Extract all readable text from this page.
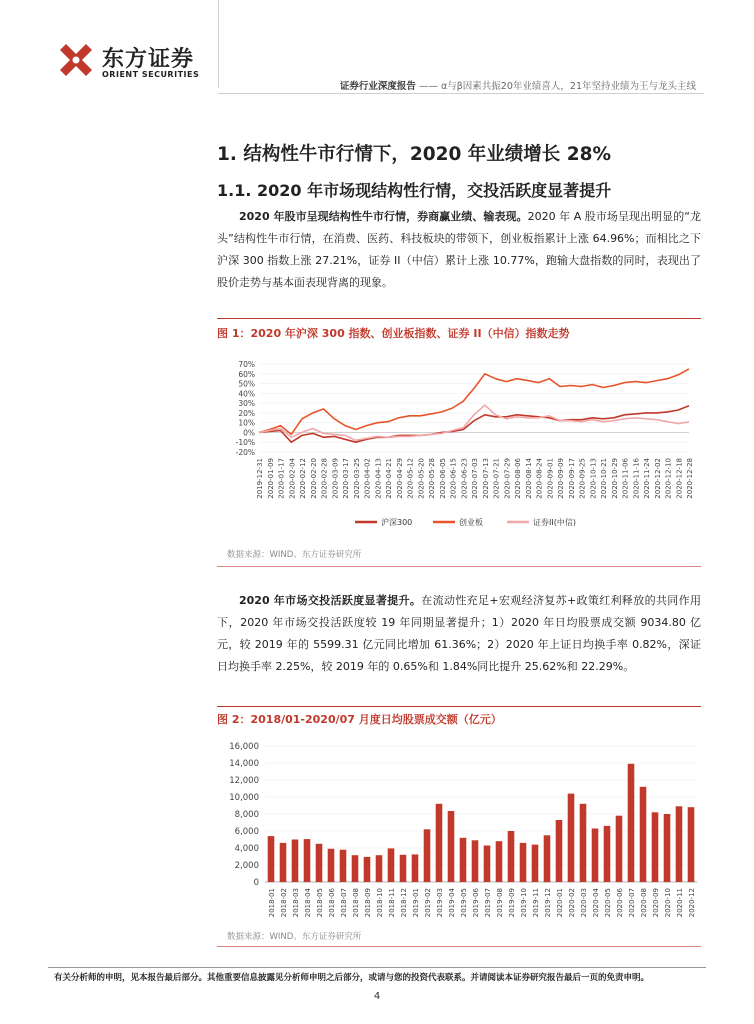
东方证券
ORIENT SECURITIES
证券行业深度报告 —— α与β因素共振20年业绩喜人，21年坚持业绩为王与龙头主线
1. 结构性牛市行情下，2020 年业绩增长 28%
1.1. 2020 年市场现结构性行情，交投活跃度显著提升
2020 年股市呈现结构性牛市行情，券商赢业绩、输表现。2020 年 A 股市场呈现出明显的“龙头”结构性牛市行情，在消费、医药、科技板块的带领下，创业板指累计上涨 64.96%；而相比之下沪深 300 指数上涨 27.21%，证券 II（中信）累计上涨 10.77%，跑输大盘指数的同时，表现出了股价走势与基本面表现背离的现象。
图 1：2020 年沪深 300 指数、创业板指数、证券 II（中信）指数走势
-20%
-10%
0%
10%
20%
30%
40%
50%
60%
70%
2019-12-31 2020-01-09 2020-01-17 2020-02-04 2020-02-12 2020-02-20 2020-02-28 2020-03-09 2020-03-17 2020-03-25 2020-04-02 2020-04-13 2020-04-21 2020-04-29 2020-05-12 2020-05-20 2020-05-28 2020-06-05 2020-06-15 2020-06-23 2020-07-03 2020-07-13 2020-07-21 2020-07-29 2020-08-06 2020-08-14 2020-08-24 2020-09-01 2020-09-09 2020-09-17 2020-09-25 2020-10-13 2020-10-21 2020-10-29 2020-11-06 2020-11-16 2020-11-24 2020-12-02 2020-12-10 2020-12-18 2020-12-28
沪深300	创业板	证券II(中信)
数据来源：WIND、东方证券研究所
2020 年市场交投活跃度显著提升。在流动性充足+宏观经济复苏+政策红利释放的共同作用下，2020 年市场交投活跃度较 19 年同期显著提升；1）2020 年日均股票成交额 9034.80 亿元，较 2019 年的 5599.31 亿元同比增加 61.36%；2）2020 年上证日均换手率 0.82%，深证日均换手率 2.25%，较 2019 年的 0.65%和 1.84%同比提升 25.62%和 22.29%。
图 2：2018/01-2020/07 月度日均股票成交额（亿元）
0
2,000
4,000
6,000
8,000
10,000
12,000
14,000
16,000
2018-01 2018-02 2018-03 2018-04 2018-05 2018-06 2018-07 2018-08 2018-09 2018-10 2018-11 2018-12 2019-01 2019-02 2019-03 2019-04 2019-05 2019-06 2019-07 2019-08 2019-09 2019-10 2019-11 2019-12 2020-01 2020-02 2020-03 2020-04 2020-05 2020-06 2020-07 2020-08 2020-09 2020-10 2020-11 2020-12
数据来源：WIND、东方证券研究所
有关分析师的申明，见本报告最后部分。其他重要信息披露见分析师申明之后部分，或请与您的投资代表联系。并请阅读本证券研究报告最后一页的免责申明。
4
